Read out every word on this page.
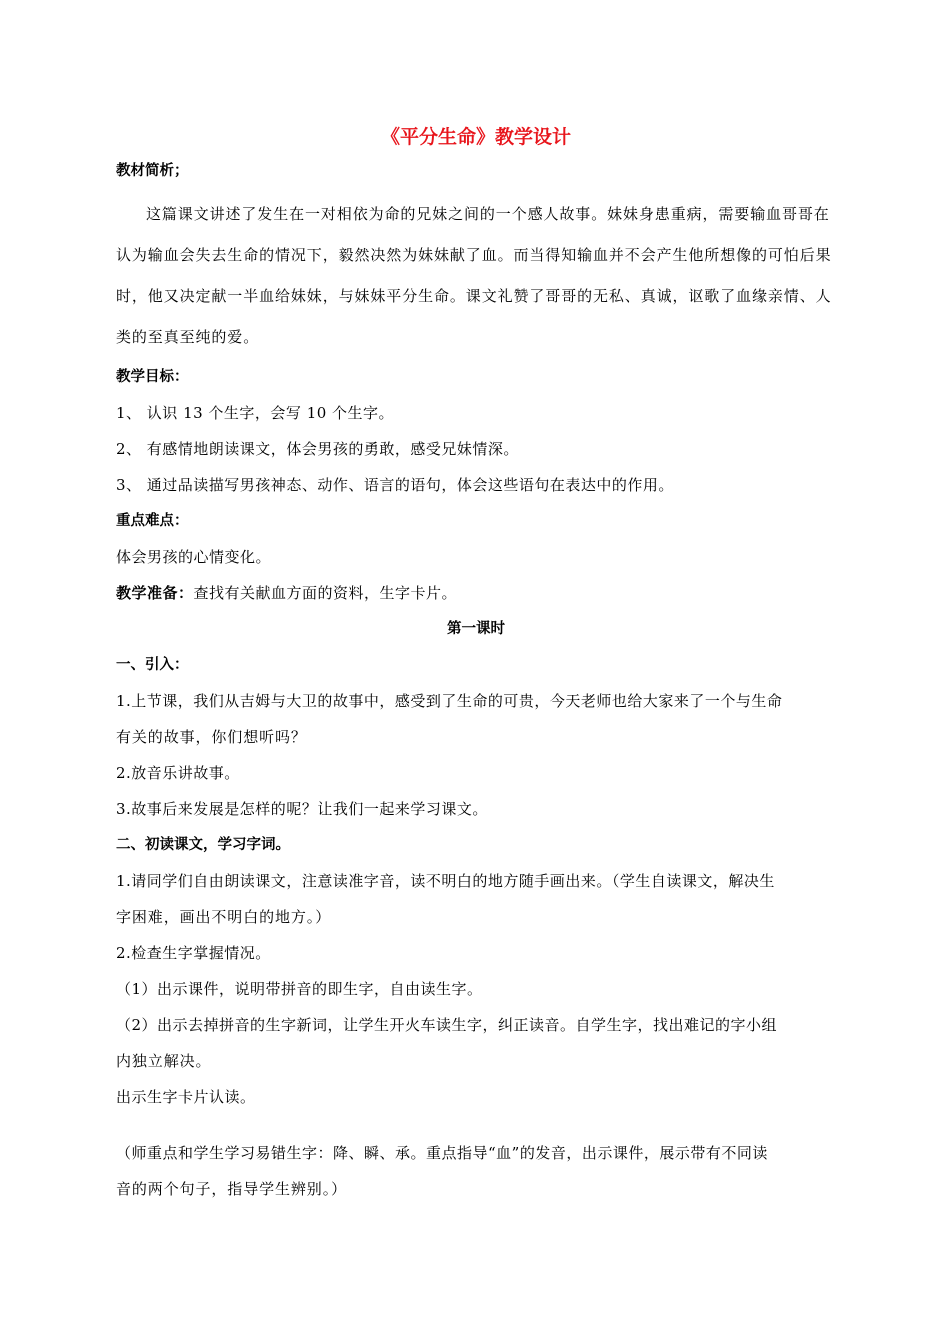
《平分生命》教学设计
教材简析；

这篇课文讲述了发生在一对相依为命的兄妹之间的一个感人故事。妹妹身患重病，需要输血哥哥在认为输血会失去生命的情况下，毅然决然为妹妹献了血。而当得知输血并不会产生他所想像的可怕后果时，他又决定献一半血给妹妹，与妹妹平分生命。课文礼赞了哥哥的无私、真诚，讴歌了血缘亲情、人类的至真至纯的爱。

教学目标：
1、 认识 13 个生字，会写 10 个生字。
2、 有感情地朗读课文，体会男孩的勇敢，感受兄妹情深。
3、 通过品读描写男孩神态、动作、语言的语句，体会这些语句在表达中的作用。
重点难点：
体会男孩的心情变化。
教学准备：查找有关献血方面的资料，生字卡片。
第一课时
一、引入：
1.上节课，我们从吉姆与大卫的故事中，感受到了生命的可贵，今天老师也给大家来了一个与生命
有关的故事，你们想听吗？
2.放音乐讲故事。
3.故事后来发展是怎样的呢？让我们一起来学习课文。
二、初读课文，学习字词。
1.请同学们自由朗读课文，注意读准字音，读不明白的地方随手画出来。（学生自读课文，解决生
字困难，画出不明白的地方。）
2.检查生字掌握情况。
（1）出示课件，说明带拼音的即生字，自由读生字。
（2）出示去掉拼音的生字新词，让学生开火车读生字，纠正读音。自学生字，找出难记的字小组
内独立解决。
出示生字卡片认读。
（师重点和学生学习易错生字：降、瞬、承。重点指导“血”的发音，出示课件，展示带有不同读
音的两个句子，指导学生辨别。）
